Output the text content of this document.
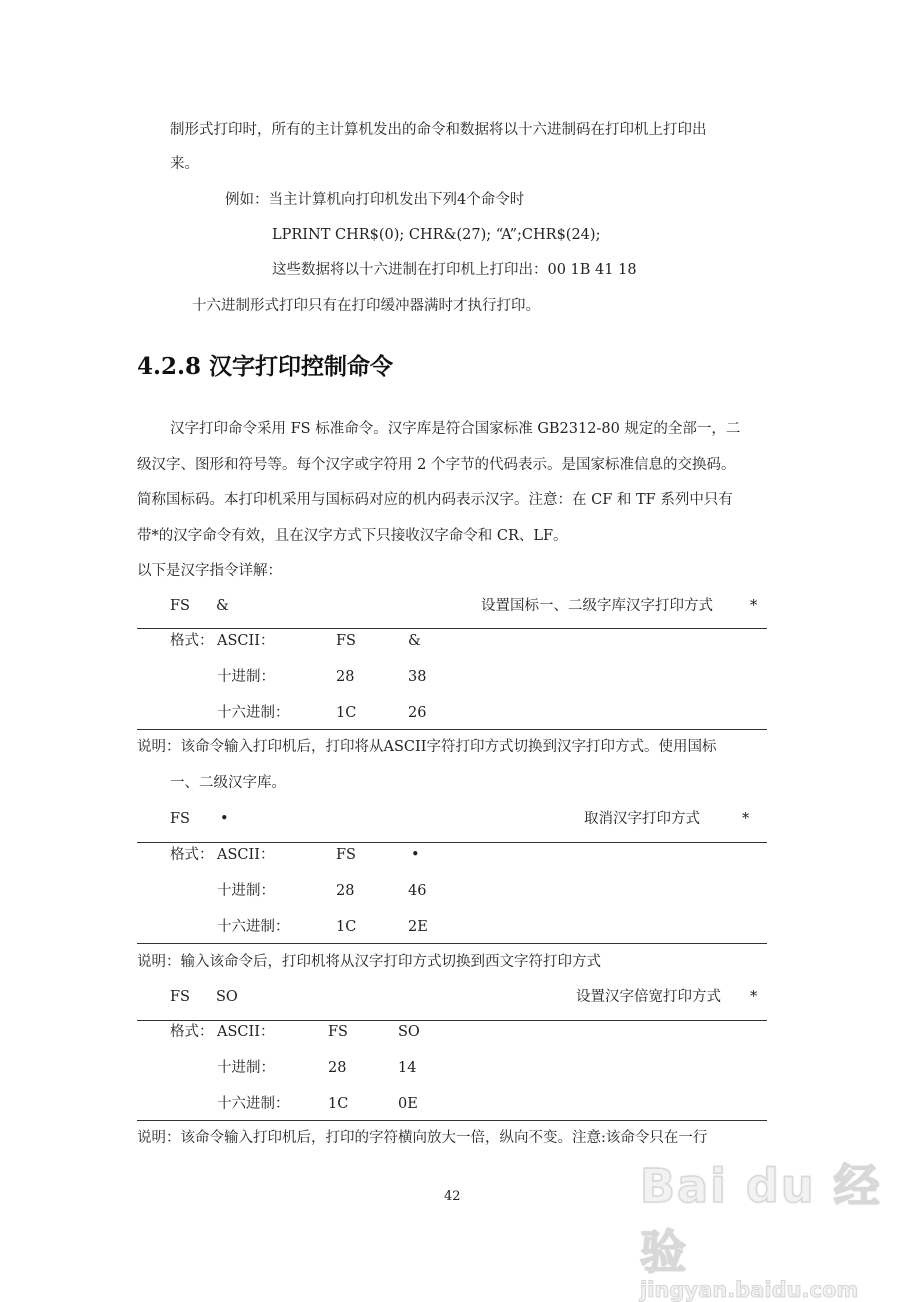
制形式打印时，所有的主计算机发出的命令和数据将以十六进制码在打印机上打印出
来。
例如：当主计算机向打印机发出下列4个命令时
LPRINT CHR$(0); CHR&(27); “A”;CHR$(24);
这些数据将以十六进制在打印机上打印出：00 1B 41 18
十六进制形式打印只有在打印缓冲器满时才执行打印。
4.2.8 汉字打印控制命令
汉字打印命令采用 FS 标准命令。汉字库是符合国家标准 GB2312-80 规定的全部一，二
级汉字、图形和符号等。每个汉字或字符用 2 个字节的代码表示。是国家标准信息的交换码。
简称国标码。本打印机采用与国标码对应的机内码表示汉字。注意：在 CF 和 TF 系列中只有
带*的汉字命令有效，且在汉字方式下只接收汉字命令和 CR、LF。
以下是汉字指令详解：
FS &	设置国标一、二级字库汉字打印方式	*
格式： ASCII：	FS	&
十进制：	28	38
十六进制：	1C	26
说明：该命令输入打印机后，打印将从ASCII字符打印方式切换到汉字打印方式。使用国标
一、二级汉字库。
FS •	取消汉字打印方式	*
格式： ASCII：	FS	•
十进制：	28	46
十六进制：	1C	2E
说明：输入该命令后，打印机将从汉字打印方式切换到西文字符打印方式
FS SO	设置汉字倍宽打印方式 *
格式： ASCII：	FS	SO
十进制：	28	14
十六进制：	1C	0E
说明：该命令输入打印机后，打印的字符横向放大一倍，纵向不变。注意:该命令只在一行
42	Bai du 经验
jingyan.baidu.com
